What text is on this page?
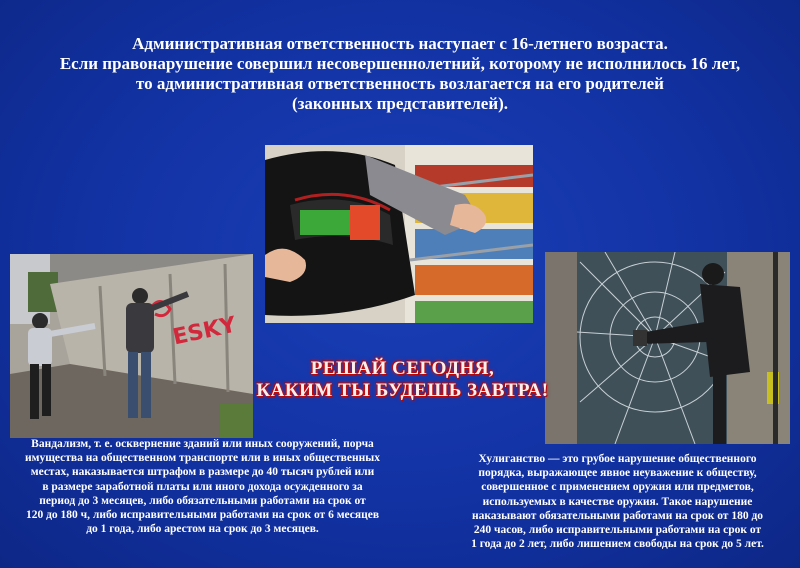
Административная ответственность наступает с 16-летнего возраста.
Если правонарушение совершил несовершеннолетний, которому не исполнилось 16 лет,
то административная ответственность возлагается на его родителей
(законных представителей).
ESKY
РЕШАЙ СЕГОДНЯ,
КАКИМ ТЫ БУДЕШЬ ЗАВТРА!
Вандализм, т. е. осквернение зданий или иных сооружений, порча
имущества на общественном транспорте или в иных общественных
местах, наказывается штрафом в размере до 40 тысяч рублей или
в размере заработной платы или иного дохода осужденного за
период до 3 месяцев, либо обязательными работами на срок от
120 до 180 ч, либо исправительными работами на срок от 6 месяцев
до 1 года, либо арестом на срок до 3 месяцев.
Хулиганство — это грубое нарушение общественного
порядка, выражающее явное неуважение к обществу,
совершенное с применением оружия или предметов,
используемых в качестве оружия. Такое нарушение
наказывают обязательными работами на срок от 180 до
240 часов, либо исправительными работами на срок от
1 года до 2 лет, либо лишением свободы на срок до 5 лет.
